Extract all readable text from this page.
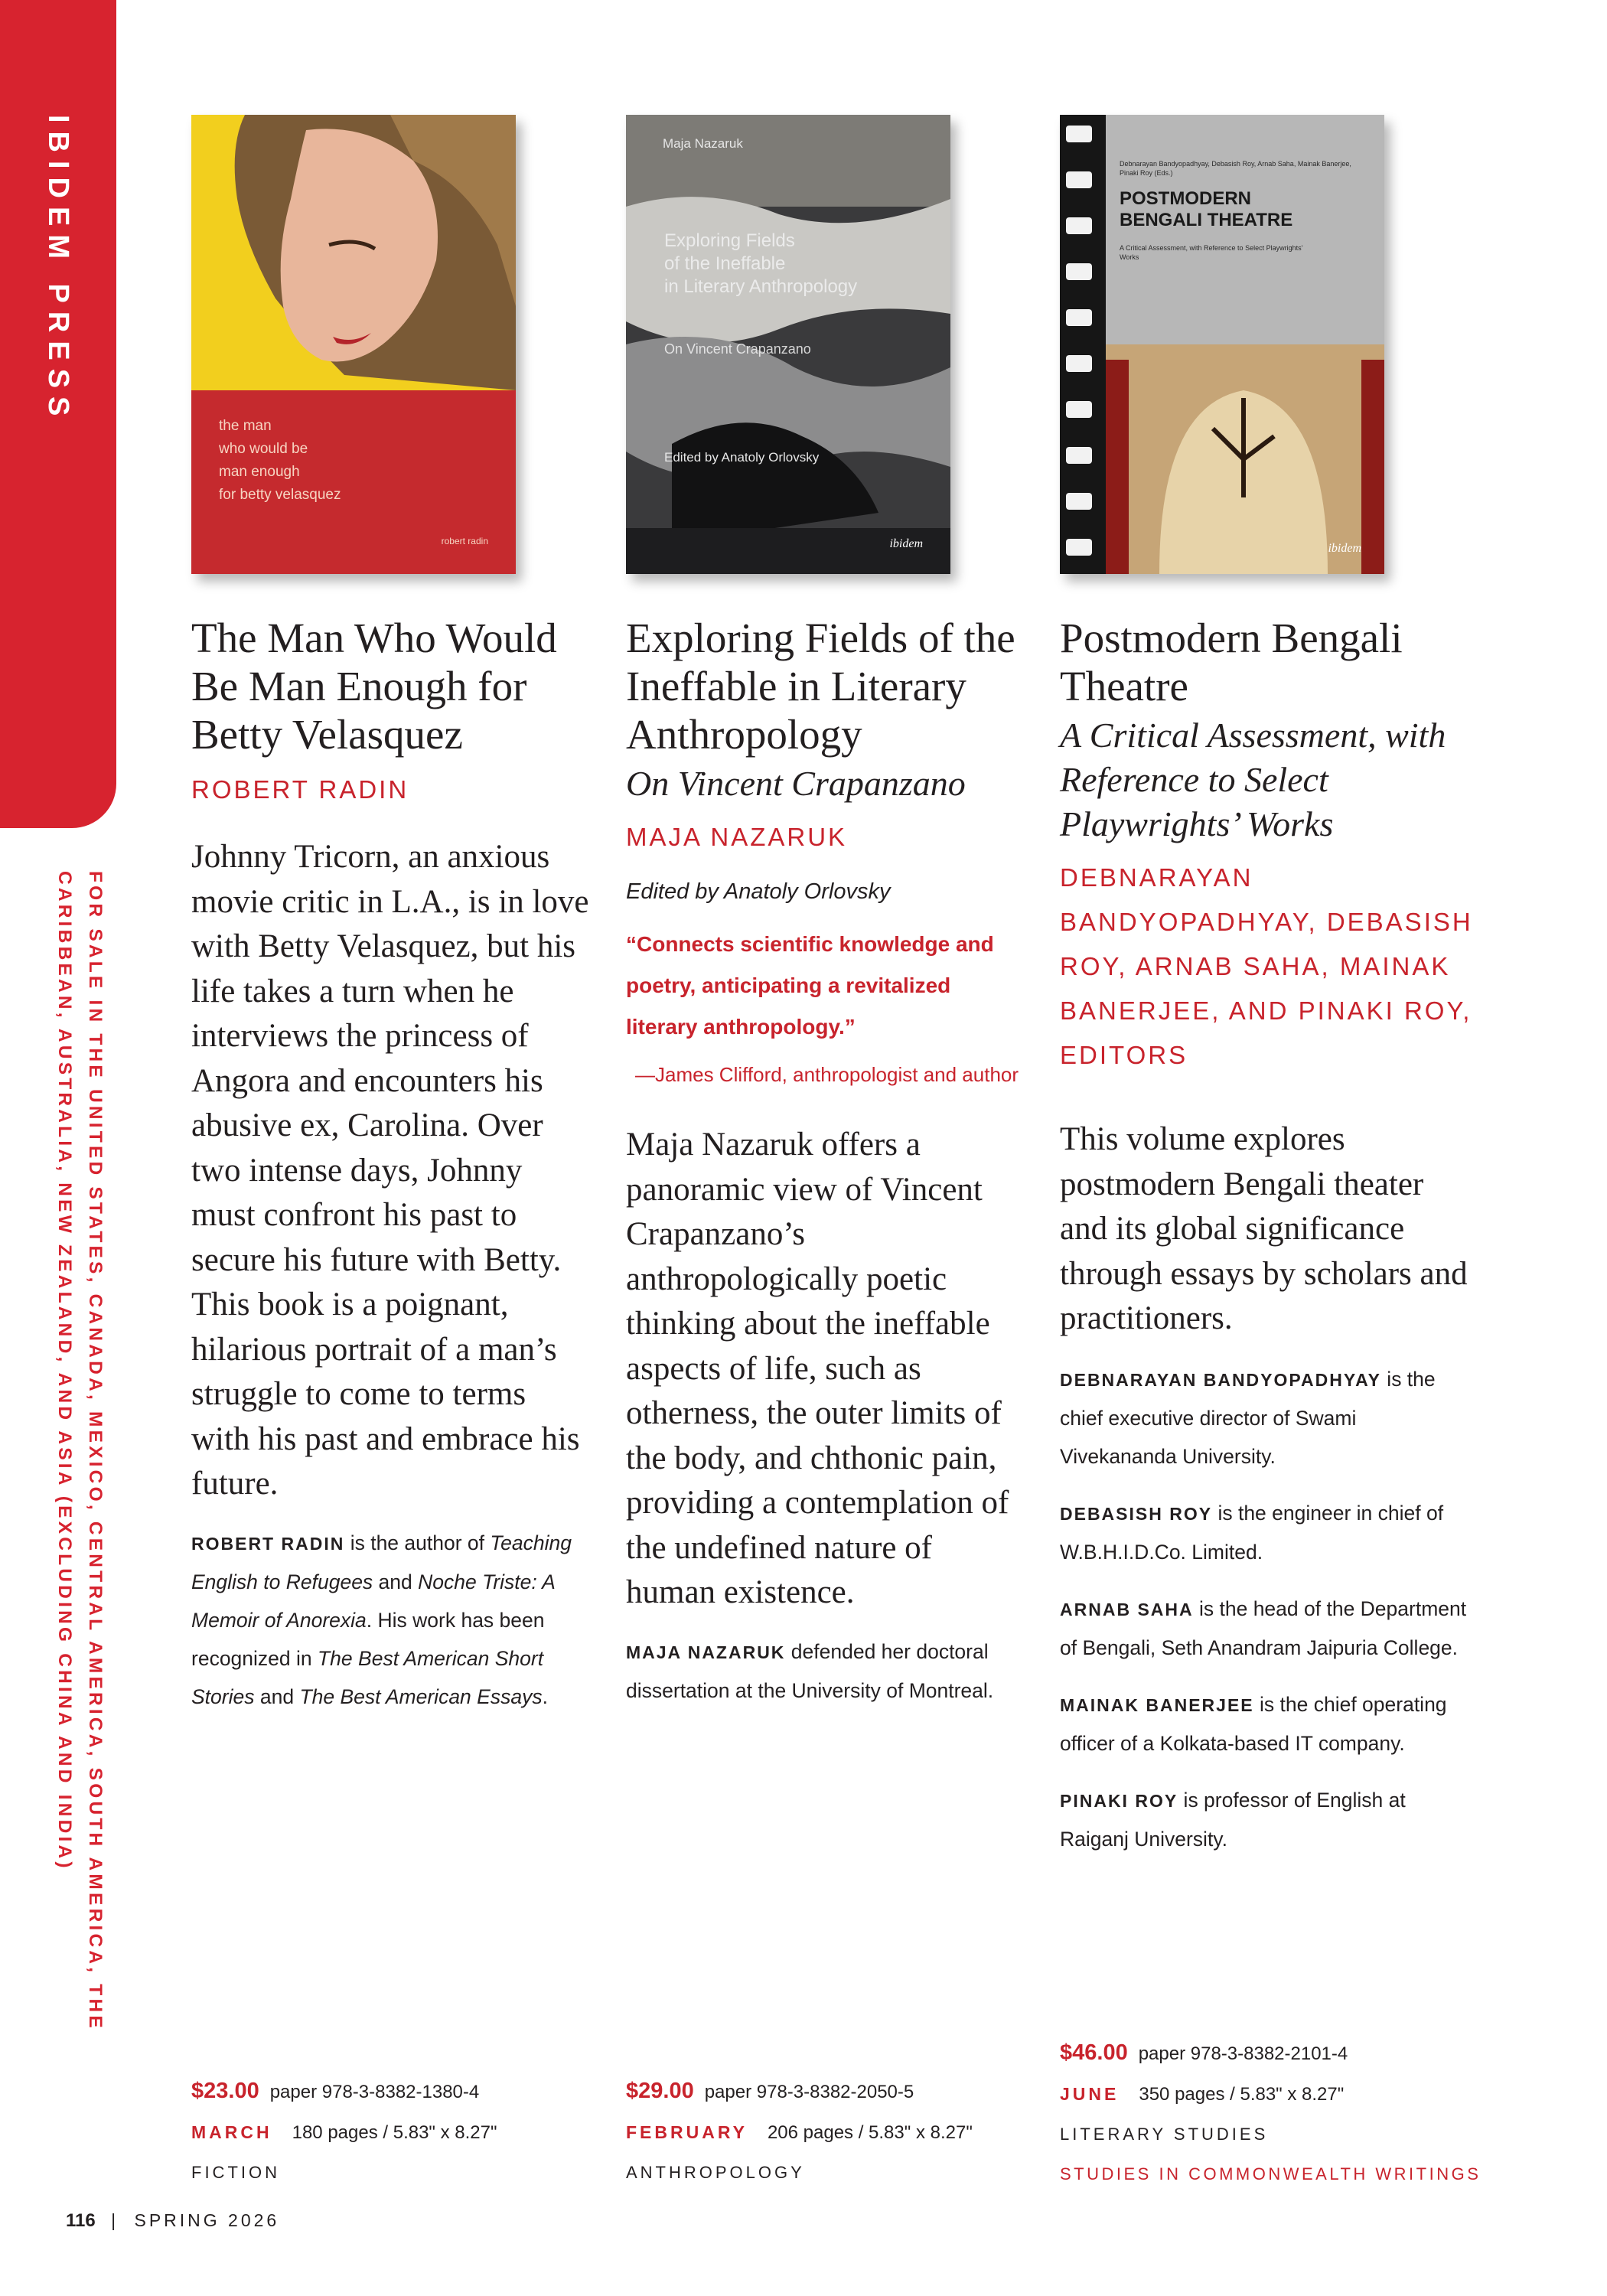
IBIDEM PRESS
FOR SALE IN THE UNITED STATES, CANADA, MEXICO, CENTRAL AMERICA, SOUTH AMERICA, THE CARIBBEAN, AUSTRALIA, NEW ZEALAND, AND ASIA (EXCLUDING CHINA AND INDIA)
the man
who would be
man enough
for betty velasquez
robert radin
The Man Who Would Be Man Enough for Betty Velasquez
ROBERT RADIN
Johnny Tricorn, an anxious movie critic in L.A., is in love with Betty Velasquez, but his life takes a turn when he interviews the princess of Angora and encounters his abusive ex, Carolina. Over two intense days, Johnny must confront his past to secure his future with Betty. This book is a poignant, hilarious portrait of a man’s struggle to come to terms with his past and embrace his future.
ROBERT RADIN is the author of Teaching English to Refugees and Noche Triste: A Memoir of Anorexia. His work has been recognized in The Best American Short Stories and The Best American Essays.
Maja Nazaruk
Exploring Fields
of the Ineffable
in Literary Anthropology
On Vincent Crapanzano
Edited by Anatoly Orlovsky
ibidem
Exploring Fields of the Ineffable in Literary Anthropology
On Vincent Crapanzano
MAJA NAZARUK
Edited by Anatoly Orlovsky
“Connects scientific knowledge and poetry, anticipating a revitalized literary anthropology.”
—James Clifford, anthropologist and author
Maja Nazaruk offers a panoramic view of Vincent Crapanzano’s anthropologically poetic thinking about the ineffable aspects of life, such as otherness, the outer limits of the body, and chthonic pain, providing a contemplation of the undefined nature of human existence.
MAJA NAZARUK defended her doctoral dissertation at the University of Montreal.
Debnarayan Bandyopadhyay, Debasish Roy, Arnab Saha, Mainak Banerjee, Pinaki Roy (Eds.)
POSTMODERN
BENGALI THEATRE
A Critical Assessment, with Reference to Select Playwrights' Works
ibidem
Postmodern Bengali Theatre
A Critical Assessment, with Reference to Select Playwrights’ Works
DEBNARAYAN BANDYOPADHYAY, DEBASISH ROY, ARNAB SAHA, MAINAK BANERJEE, AND PINAKI ROY, EDITORS
This volume explores postmodern Bengali theater and its global significance through essays by scholars and practitioners.
DEBNARAYAN BANDYOPADHYAY is the chief executive director of Swami Vivekananda University.
DEBASISH ROY is the engineer in chief of W.B.H.I.D.Co. Limited.
ARNAB SAHA is the head of the Department of Bengali, Seth Anandram Jaipuria College.
MAINAK BANERJEE is the chief operating officer of a Kolkata-based IT company.
PINAKI ROY is professor of English at Raiganj University.
$23.00 paper 978-3-8382-1380-4
MARCH 180 pages / 5.83" x 8.27"
FICTION
$29.00 paper 978-3-8382-2050-5
FEBRUARY 206 pages / 5.83" x 8.27"
ANTHROPOLOGY
$46.00 paper 978-3-8382-2101-4
JUNE 350 pages / 5.83" x 8.27"
LITERARY STUDIES
STUDIES IN COMMONWEALTH WRITINGS
116 | SPRING 2026
